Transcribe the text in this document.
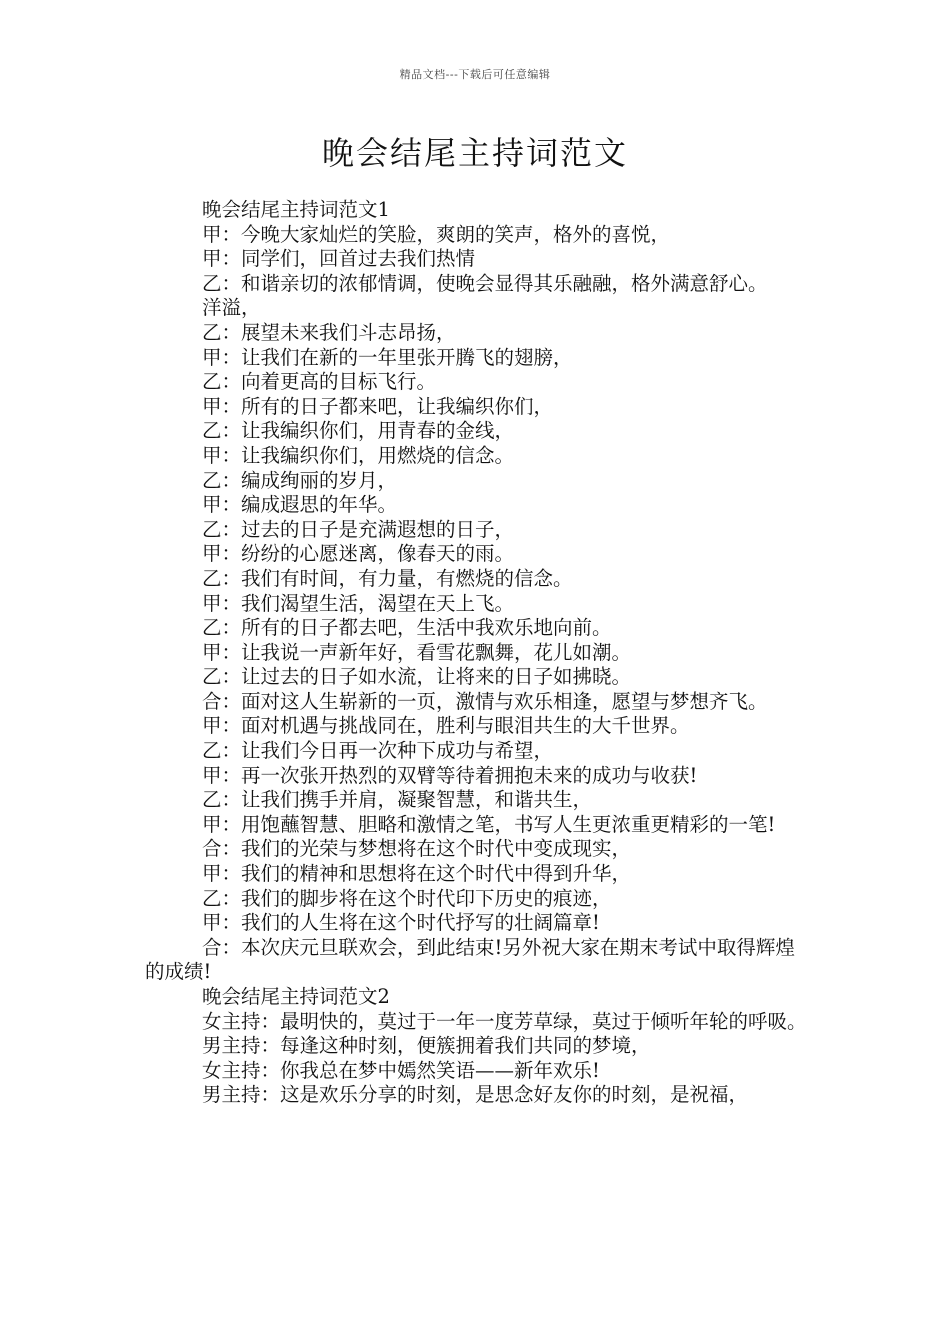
精品文档---下载后可任意编辑
晚会结尾主持词范文

晚会结尾主持词范文1

甲：今晚大家灿烂的笑脸，爽朗的笑声，格外的喜悦，

甲：同学们，回首过去我们热情

乙：和谐亲切的浓郁情调，使晚会显得其乐融融，格外满意舒心。

洋溢，

乙：展望未来我们斗志昂扬，

甲：让我们在新的一年里张开腾飞的翅膀，

乙：向着更高的目标飞行。

甲：所有的日子都来吧，让我编织你们，

乙：让我编织你们，用青春的金线，

甲：让我编织你们，用燃烧的信念。

乙：编成绚丽的岁月，

甲：编成遐思的年华。

乙：过去的日子是充满遐想的日子，

甲：纷纷的心愿迷离，像春天的雨。

乙：我们有时间，有力量，有燃烧的信念。

甲：我们渴望生活，渴望在天上飞。

乙：所有的日子都去吧，生活中我欢乐地向前。

甲：让我说一声新年好，看雪花飘舞，花儿如潮。

乙：让过去的日子如水流，让将来的日子如拂晓。

合：面对这人生崭新的一页，激情与欢乐相逢，愿望与梦想齐飞。

甲：面对机遇与挑战同在，胜利与眼泪共生的大千世界。

乙：让我们今日再一次种下成功与希望，

甲：再一次张开热烈的双臂等待着拥抱未来的成功与收获!

乙：让我们携手并肩，凝聚智慧，和谐共生，

甲：用饱蘸智慧、胆略和激情之笔，书写人生更浓重更精彩的一笔!

合：我们的光荣与梦想将在这个时代中变成现实，

甲：我们的精神和思想将在这个时代中得到升华，

乙：我们的脚步将在这个时代印下历史的痕迹，

甲：我们的人生将在这个时代抒写的壮阔篇章!

合：本次庆元旦联欢会，到此结束!另外祝大家在期末考试中取得辉煌的成绩!

晚会结尾主持词范文2

女主持：最明快的，莫过于一年一度芳草绿，莫过于倾听年轮的呼吸。

男主持：每逢这种时刻，便簇拥着我们共同的梦境，

女主持：你我总在梦中嫣然笑语——新年欢乐!

男主持：这是欢乐分享的时刻，是思念好友你的时刻，是祝福，
